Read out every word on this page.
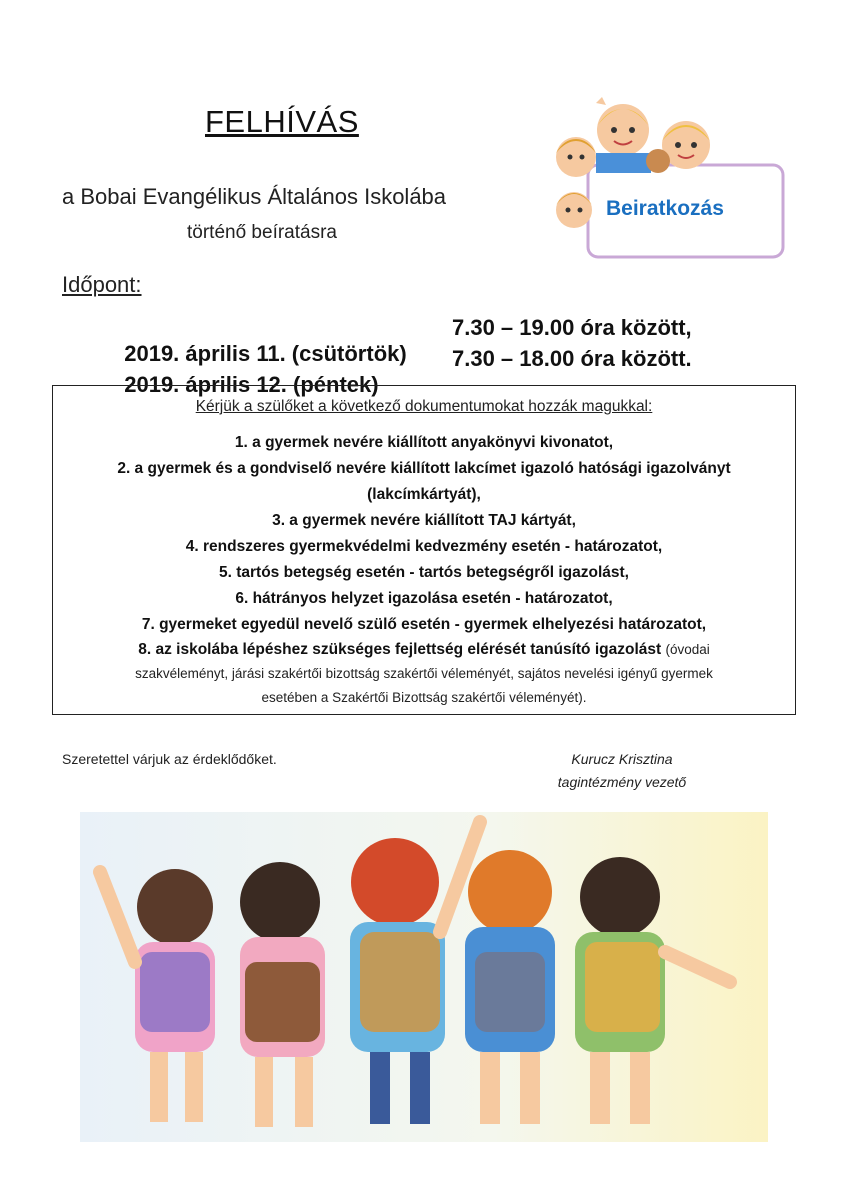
FELHÍVÁS
a Bobai Evangélikus Általános Iskolába
történő beíratásra
Beiratkozás
Időpont:

2019. április 11. (csütörtök)

7.30 – 19.00 óra között,

2019. április 12. (péntek)

7.30 – 18.00 óra között.

Kérjük a szülőket a következő dokumentumokat hozzák magukkal:
1. a gyermek nevére kiállított anyakönyvi kivonatot,
2. a gyermek és a gondviselő nevére kiállított lakcímet igazoló hatósági igazolványt
(lakcímkártyát),
3. a gyermek nevére kiállított TAJ kártyát,
4. rendszeres gyermekvédelmi kedvezmény esetén - határozatot,
5. tartós betegség esetén - tartós betegségről igazolást,
6. hátrányos helyzet igazolása esetén - határozatot,
7. gyermeket egyedül nevelő szülő esetén - gyermek elhelyezési határozatot,
8. az iskolába lépéshez szükséges fejlettség elérését tanúsító igazolást (óvodai
szakvéleményt, járási szakértői bizottság szakértői véleményét, sajátos nevelési igényű gyermek
esetében a Szakértői Bizottság szakértői véleményét).
Szeretettel várjuk az érdeklődőket.	Kurucz Krisztina
tagintézmény vezető
